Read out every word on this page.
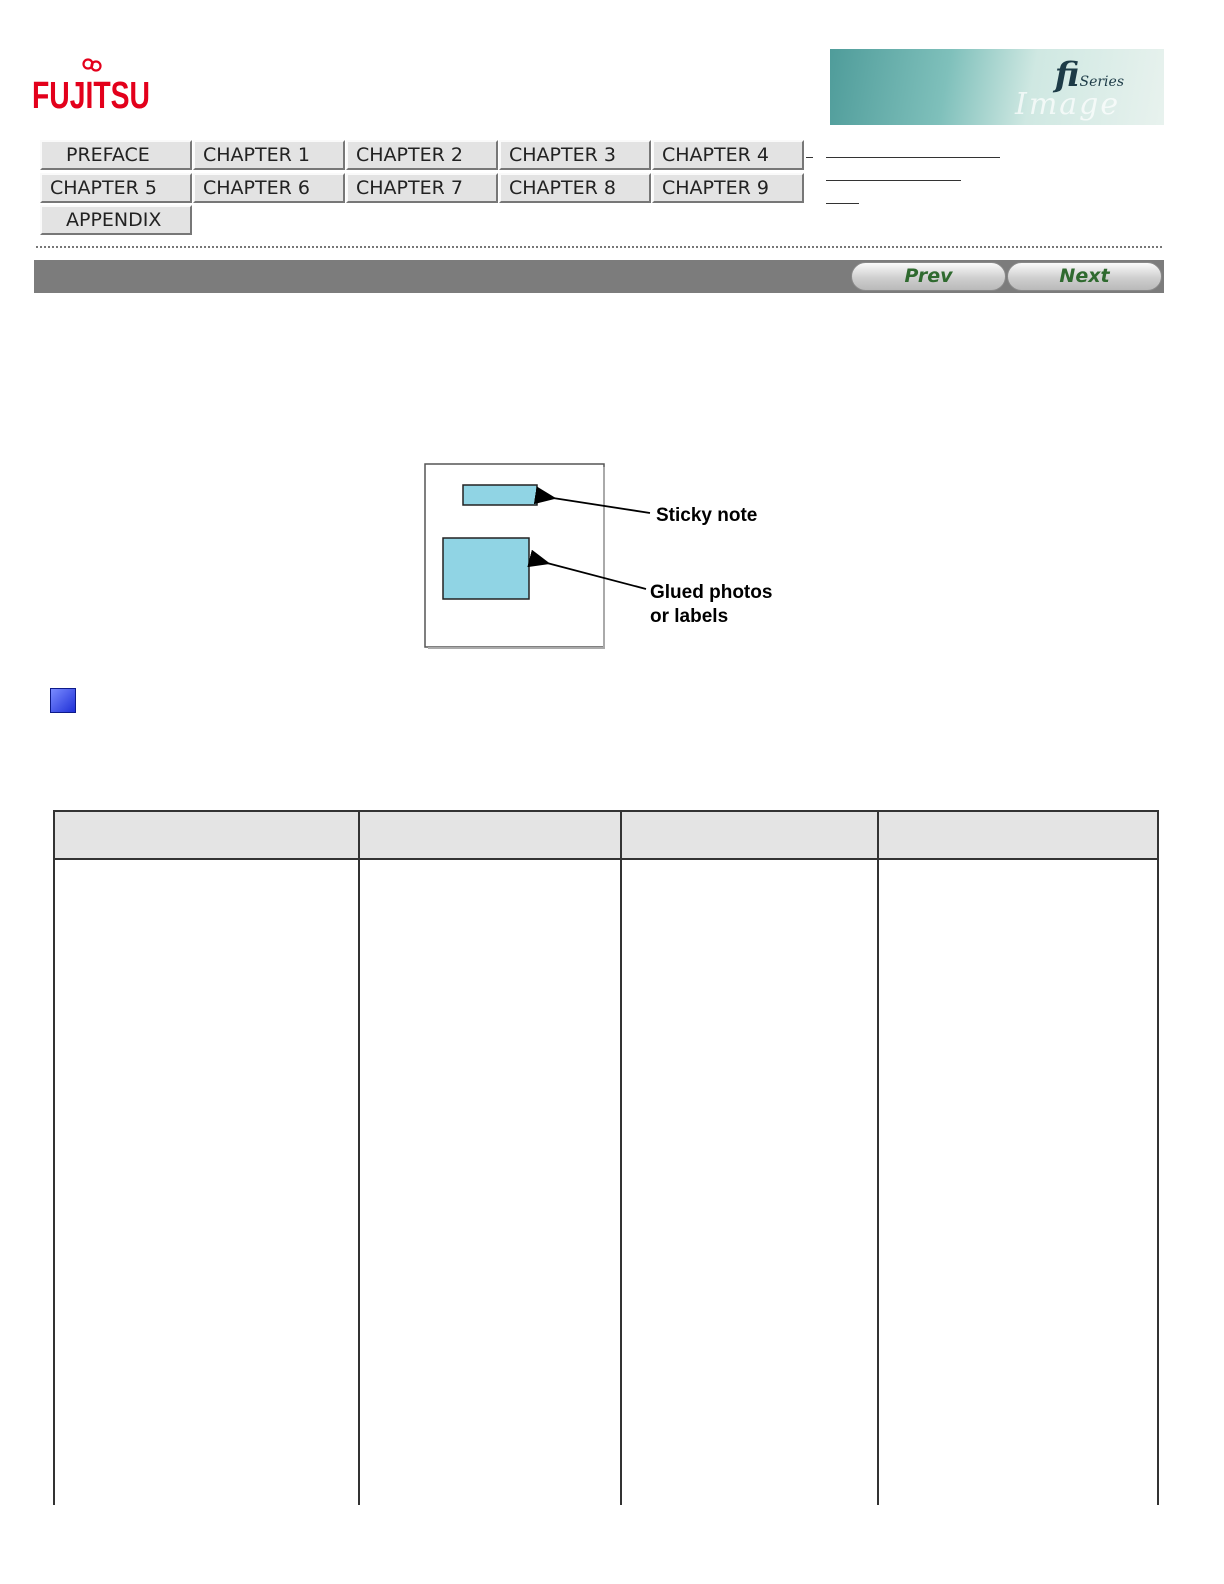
FUJITSU	fiSeries
Image Scanner
PREFACE	CHAPTER 1	CHAPTER 2	CHAPTER 3	CHAPTER 4
CHAPTER 5	CHAPTER 6	CHAPTER 7	CHAPTER 8	CHAPTER 9
APPENDIX
Prev	Next
Sticky note
Glued photos
or labels
